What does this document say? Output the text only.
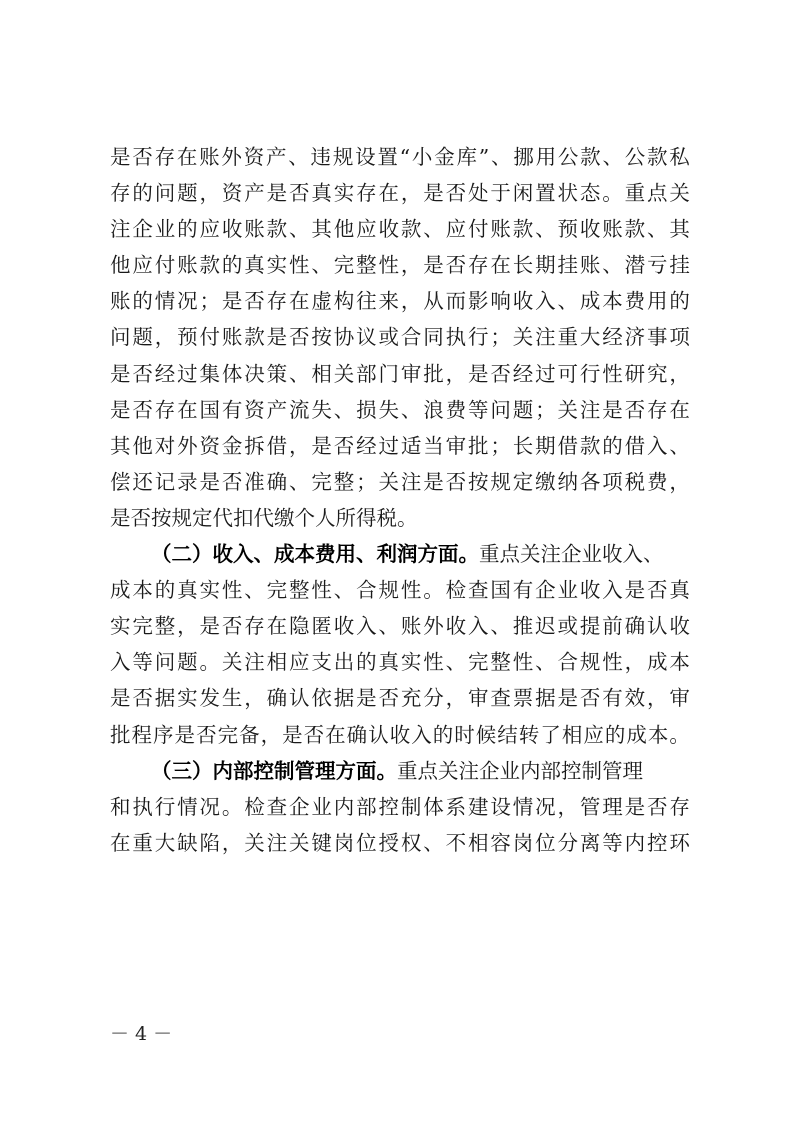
是 否 存 在 账 外 资 产 、 违 规 设 置 “ 小 金 库 ” 、 挪 用 公 款 、 公 款 私
存 的 问 题 ， 资 产 是 否 真 实 存 在 ， 是 否 处 于 闲 置 状 态 。 重 点 关
注 企 业 的 应 收 账 款 、 其 他 应 收 款 、 应 付 账 款 、 预 收 账 款 、 其
他 应 付 账 款 的 真 实 性 、 完 整 性 ， 是 否 存 在 长 期 挂 账 、 潜 亏 挂
账 的 情 况 ； 是 否 存 在 虚 构 往 来 ， 从 而 影 响 收 入 、 成 本 费 用 的
问 题 ， 预 付 账 款 是 否 按 协 议 或 合 同 执 行 ； 关 注 重 大 经 济 事 项
是 否 经 过 集 体 决 策 、 相 关 部 门 审 批 ， 是 否 经 过 可 行 性 研 究 ，
是 否 存 在 国 有 资 产 流 失 、 损 失 、 浪 费 等 问 题 ； 关 注 是 否 存 在
其 他 对 外 资 金 拆 借 ， 是 否 经 过 适 当 审 批 ； 长 期 借 款 的 借 入 、
偿 还 记 录 是 否 准 确 、 完 整 ； 关 注 是 否 按 规 定 缴 纳 各 项 税 费 ，
是否按规定代扣代缴个人所得税。
（二）收入、成本费用、利润方面。 重点关注企业收入、
成 本 的 真 实 性 、 完 整 性 、 合 规 性 。 检 查 国 有 企 业 收 入 是 否 真
实 完 整 ， 是 否 存 在 隐 匿 收 入 、 账 外 收 入 、 推 迟 或 提 前 确 认 收
入 等 问 题 。 关 注 相 应 支 出 的 真 实 性 、 完 整 性 、 合 规 性 ， 成 本
是 否 据 实 发 生 ， 确 认 依 据 是 否 充 分 ， 审 查 票 据 是 否 有 效 ， 审
批 程 序 是 否 完 备 ， 是 否 在 确 认 收 入 的 时 候 结 转 了 相 应 的 成 本 。
（三）内部控制管理方面。 重点关注企业内部控制管理
和 执 行 情 况 。 检 查 企 业 内 部 控 制 体 系 建 设 情 况 ， 管 理 是 否 存
在 重 大 缺 陷 ， 关 注 关 键 岗 位 授 权 、 不 相 容 岗 位 分 离 等 内 控 环
－ 4 －
